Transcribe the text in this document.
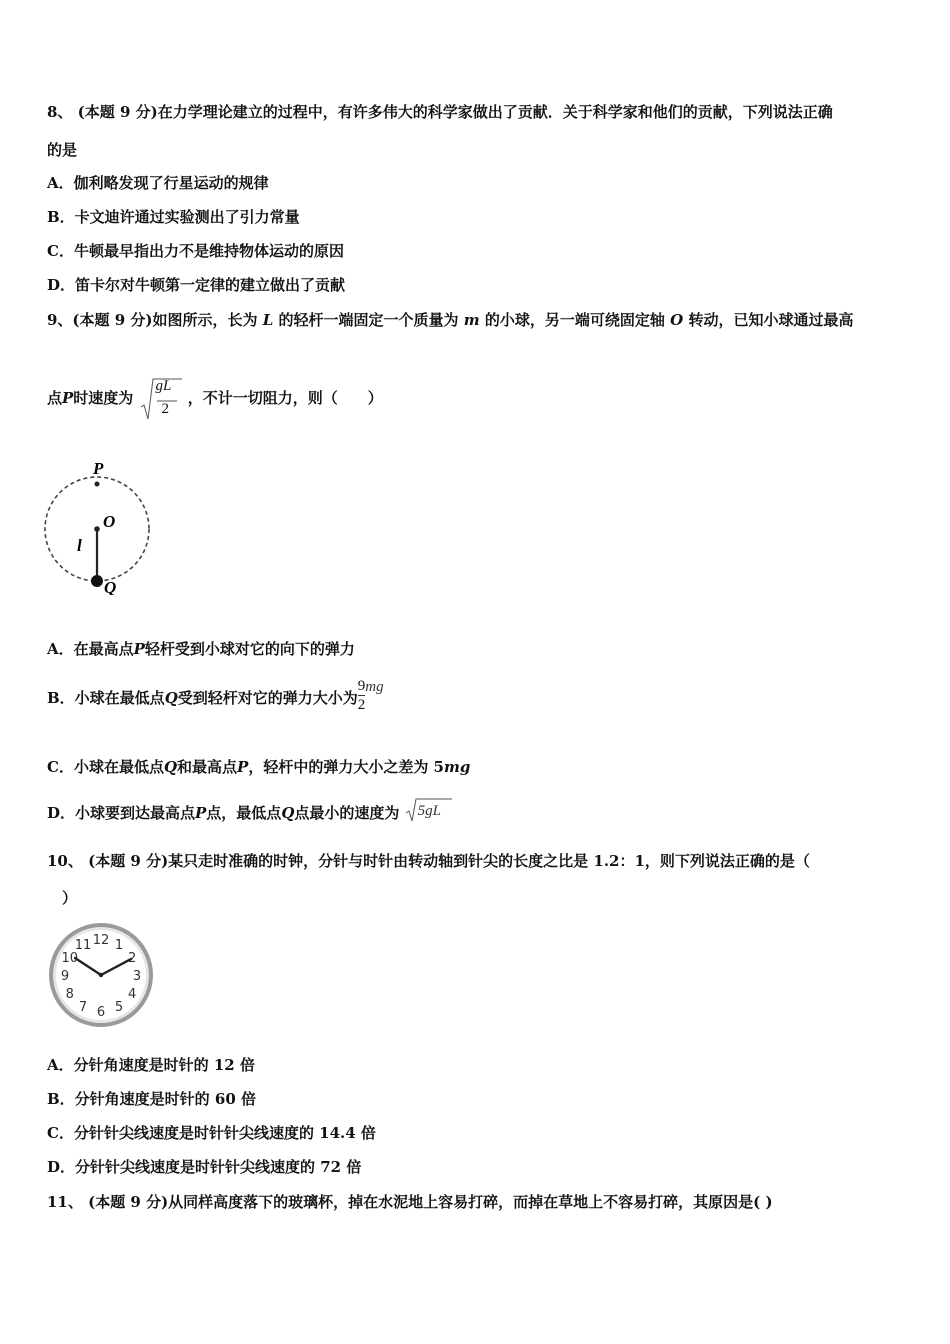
8、 (本题 9 分)在力学理论建立的过程中，有许多伟大的科学家做出了贡献．关于科学家和他们的贡献，下列说法正确
的是
A．伽利略发现了行星运动的规律
B．卡文迪许通过实验测出了引力常量
C．牛顿最早指出力不是维持物体运动的原因
D．笛卡尔对牛顿第一定律的建立做出了贡献
9、(本题 9 分)如图所示，长为 L 的轻杆一端固定一个质量为 m 的小球，另一端可绕固定轴 O 转动，已知小球通过最高
点P时速度为
gL
2
，不计一切阻力，则（　　）
P
O
l
Q
A．在最高点P轻杆受到小球对它的向下的弹力
B．小球在最低点Q受到轻杆对它的弹力大小为 $\frac{9}{2}$ mg
C．小球在最低点Q和最高点P，轻杆中的弹力大小之差为 5mg
D．小球要到达最高点P点，最低点Q点最小的速度为 5gL
10、 (本题 9 分)某只走时准确的时钟，分针与时针由转动轴到针尖的长度之比是 1.2：1，则下列说法正确的是（
）
12 1
2
3
4
5
6
7
8
9
10
11
A．分针角速度是时针的 12 倍
B．分针角速度是时针的 60 倍
C．分针针尖线速度是时针针尖线速度的 14.4 倍
D．分针针尖线速度是时针针尖线速度的 72 倍
11、 (本题 9 分)从同样高度落下的玻璃杯，掉在水泥地上容易打碎，而掉在草地上不容易打碎，其原因是( )
